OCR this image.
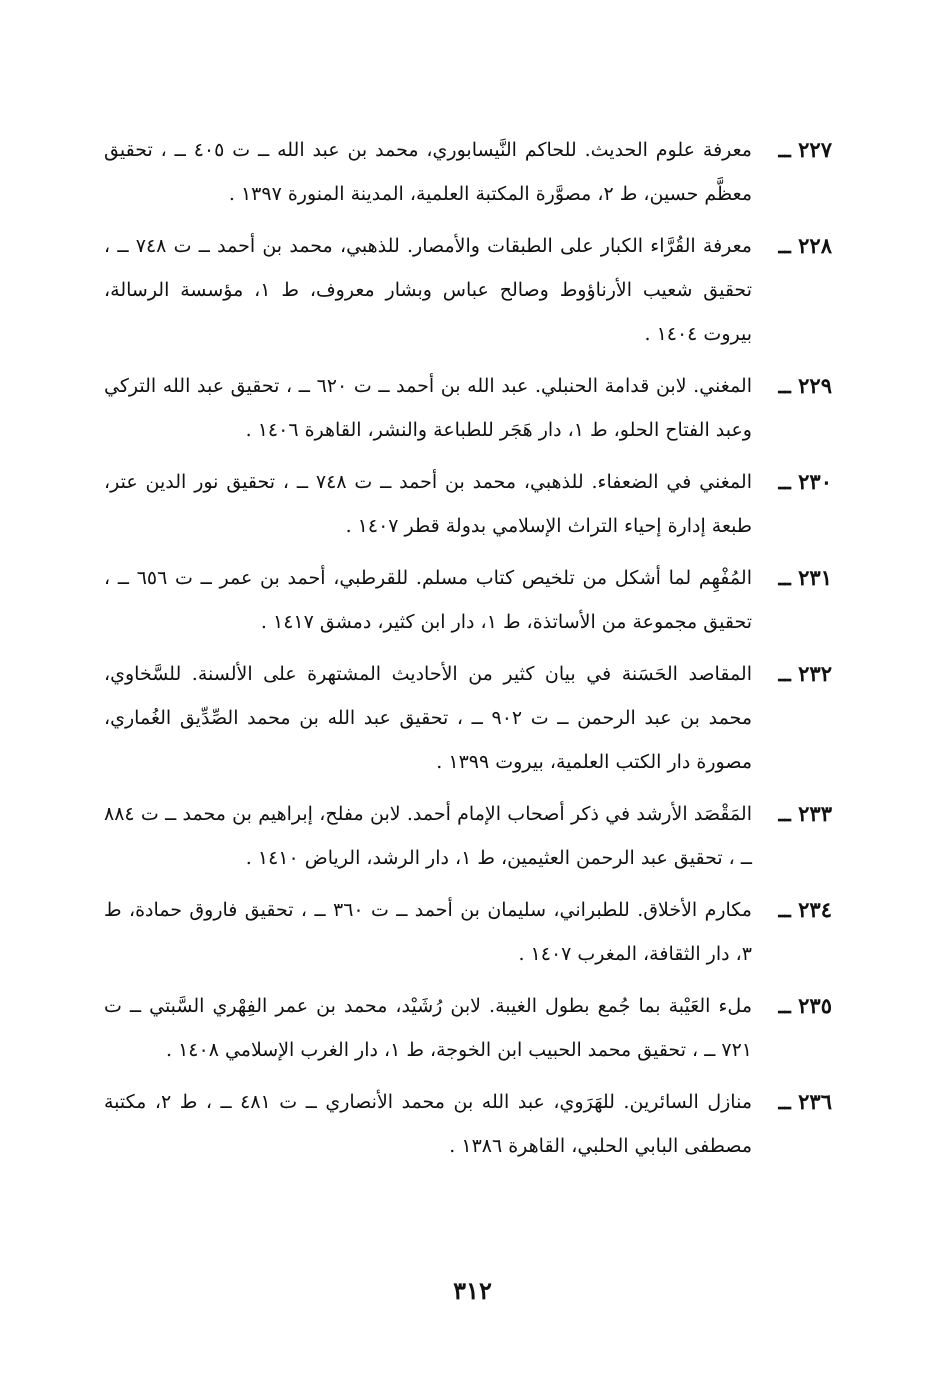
٢٢٧ ــ
معرفة علوم الحديث. للحاكم النَّيسابوري، محمد بن عبد الله ــ ت ٤٠٥ ــ ، تحقيق معظَّم حسين، ط ٢، مصوَّرة المكتبة العلمية، المدينة المنورة ١٣٩٧ .
٢٢٨ ــ
معرفة القُرَّاء الكبار على الطبقات والأمصار. للذهبي، محمد بن أحمد ــ ت ٧٤٨ ــ ، تحقيق شعيب الأرناؤوط وصالح عباس وبشار معروف، ط ١، مؤسسة الرسالة، بيروت ١٤٠٤ .
٢٢٩ ــ
المغني. لابن قدامة الحنبلي. عبد الله بن أحمد ــ ت ٦٢٠ ــ ، تحقيق عبد الله التركي وعبد الفتاح الحلو، ط ١، دار هَجَر للطباعة والنشر، القاهرة ١٤٠٦ .
٢٣٠ ــ
المغني في الضعفاء. للذهبي، محمد بن أحمد ــ ت ٧٤٨ ــ ، تحقيق نور الدين عتر، طبعة إدارة إحياء التراث الإسلامي بدولة قطر ١٤٠٧ .
٢٣١ ــ
المُفْهِم لما أشكل من تلخيص كتاب مسلم. للقرطبي، أحمد بن عمر ــ ت ٦٥٦ ــ ، تحقيق مجموعة من الأساتذة، ط ١، دار ابن كثير، دمشق ١٤١٧ .
٢٣٢ ــ
المقاصد الحَسَنة في بيان كثير من الأحاديث المشتهرة على الألسنة. للسَّخاوي، محمد بن عبد الرحمن ــ ت ٩٠٢ ــ ، تحقيق عبد الله بن محمد الصِّدِّيق الغُماري، مصورة دار الكتب العلمية، بيروت ١٣٩٩ .
٢٣٣ ــ
المَقْصَد الأرشد في ذكر أصحاب الإمام أحمد. لابن مفلح، إبراهيم بن محمد ــ ت ٨٨٤ ــ ، تحقيق عبد الرحمن العثيمين، ط ١، دار الرشد، الرياض ١٤١٠ .
٢٣٤ ــ
مكارم الأخلاق. للطبراني، سليمان بن أحمد ــ ت ٣٦٠ ــ ، تحقيق فاروق حمادة، ط ٣، دار الثقافة، المغرب ١٤٠٧ .
٢٣٥ ــ
ملء العَيْبة بما جُمع بطول الغيبة. لابن رُشَيْد، محمد بن عمر الفِهْري السَّبتي ــ ت ٧٢١ ــ ، تحقيق محمد الحبيب ابن الخوجة، ط ١، دار الغرب الإسلامي ١٤٠٨ .
٢٣٦ ــ
منازل السائرين. للهَرَوي، عبد الله بن محمد الأنصاري ــ ت ٤٨١ ــ ، ط ٢، مكتبة مصطفى البابي الحلبي، القاهرة ١٣٨٦ .
٣١٢
